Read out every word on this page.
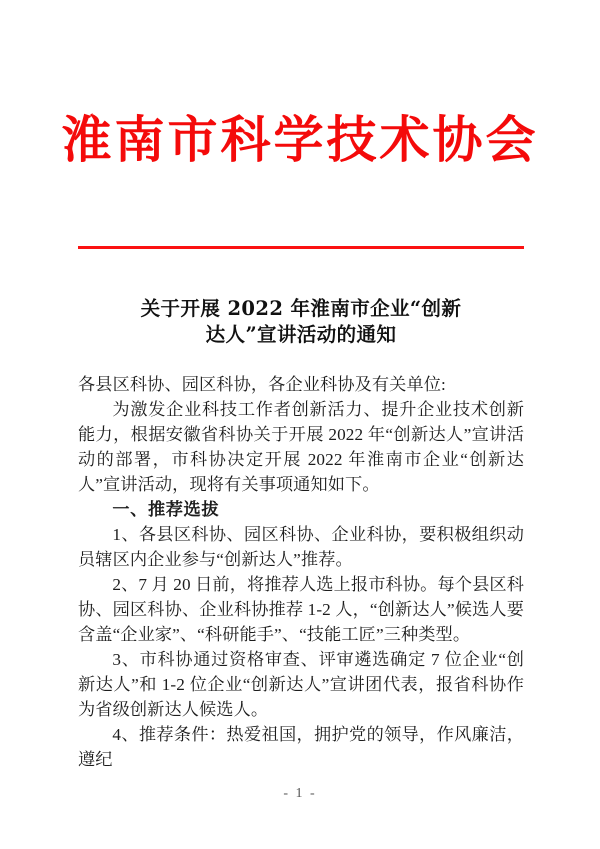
淮南市科学技术协会
关于开展 2022 年淮南市企业“创新
达人”宣讲活动的通知

各县区科协、园区科协，各企业科协及有关单位:

为激发企业科技工作者创新活力、提升企业技术创新能力，根据安徽省科协关于开展 2022 年“创新达人”宣讲活动的部署，市科协决定开展 2022 年淮南市企业“创新达人”宣讲活动，现将有关事项通知如下。

一、推荐选拔

1、各县区科协、园区科协、企业科协，要积极组织动员辖区内企业参与“创新达人”推荐。

2、7 月 20 日前，将推荐人选上报市科协。每个县区科协、园区科协、企业科协推荐 1-2 人，“创新达人”候选人要含盖“企业家”、“科研能手”、“技能工匠”三种类型。

3、市科协通过资格审查、评审遴选确定 7 位企业“创新达人”和 1-2 位企业“创新达人”宣讲团代表，报省科协作为省级创新达人候选人。

4、推荐条件：热爱祖国，拥护党的领导，作风廉洁，遵纪

- 1 -
